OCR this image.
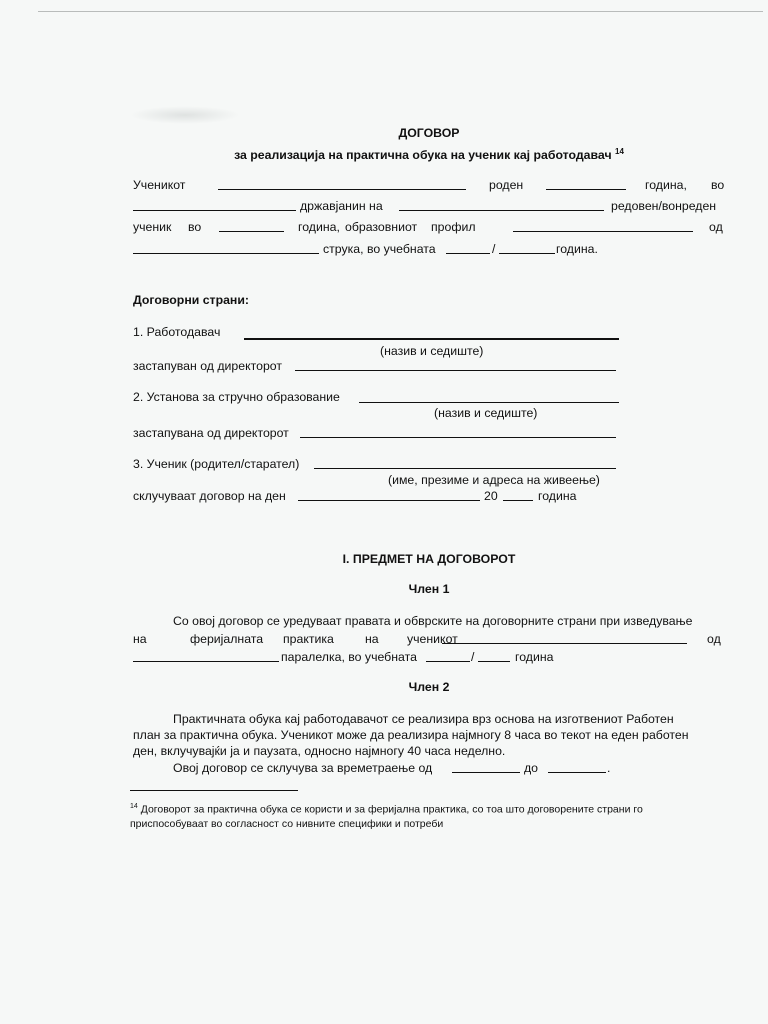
ДОГОВОР
за реализација на практична обука на ученик кај работодавач $^{14}$
Ученикот	роден	година, во
државјанин на	редовен/вонреден
ученик во	година, образовниот профил	од
струка, во учебната	/	година.
Договорни страни:
1. Работодавач
(назив и седиште)
застапуван од директорот
2. Установа за стручно образование
(назив и седиште)
застапувана од директорот
3. Ученик (родител/старател)
(име, презиме и адреса на живеење)
склучуваат договор на ден	20	година
I. ПРЕДМЕТ НА ДОГОВОРОТ
Член 1
Со овој договор се уредуваат правата и обврските на договорните страни при изведување
на	феријалната практика	на ученикот	од
паралелка, во учебната	/	година
Член 2
Практичната обука кај работодавачот се реализира врз основа на изготвениот Работен
план за практична обука. Ученикот може да реализира најмногу 8 часа во текот на еден работен
ден, вклучувајќи ја и паузата, односно најмногу 40 часа неделно.
Овој договор се склучува за времетраење од	до	.
$^{14}$ Договорот за практична обука се користи и за феријална практика, со тоа што договорените страни го
приспособуваат во согласност со нивните специфики и потреби
